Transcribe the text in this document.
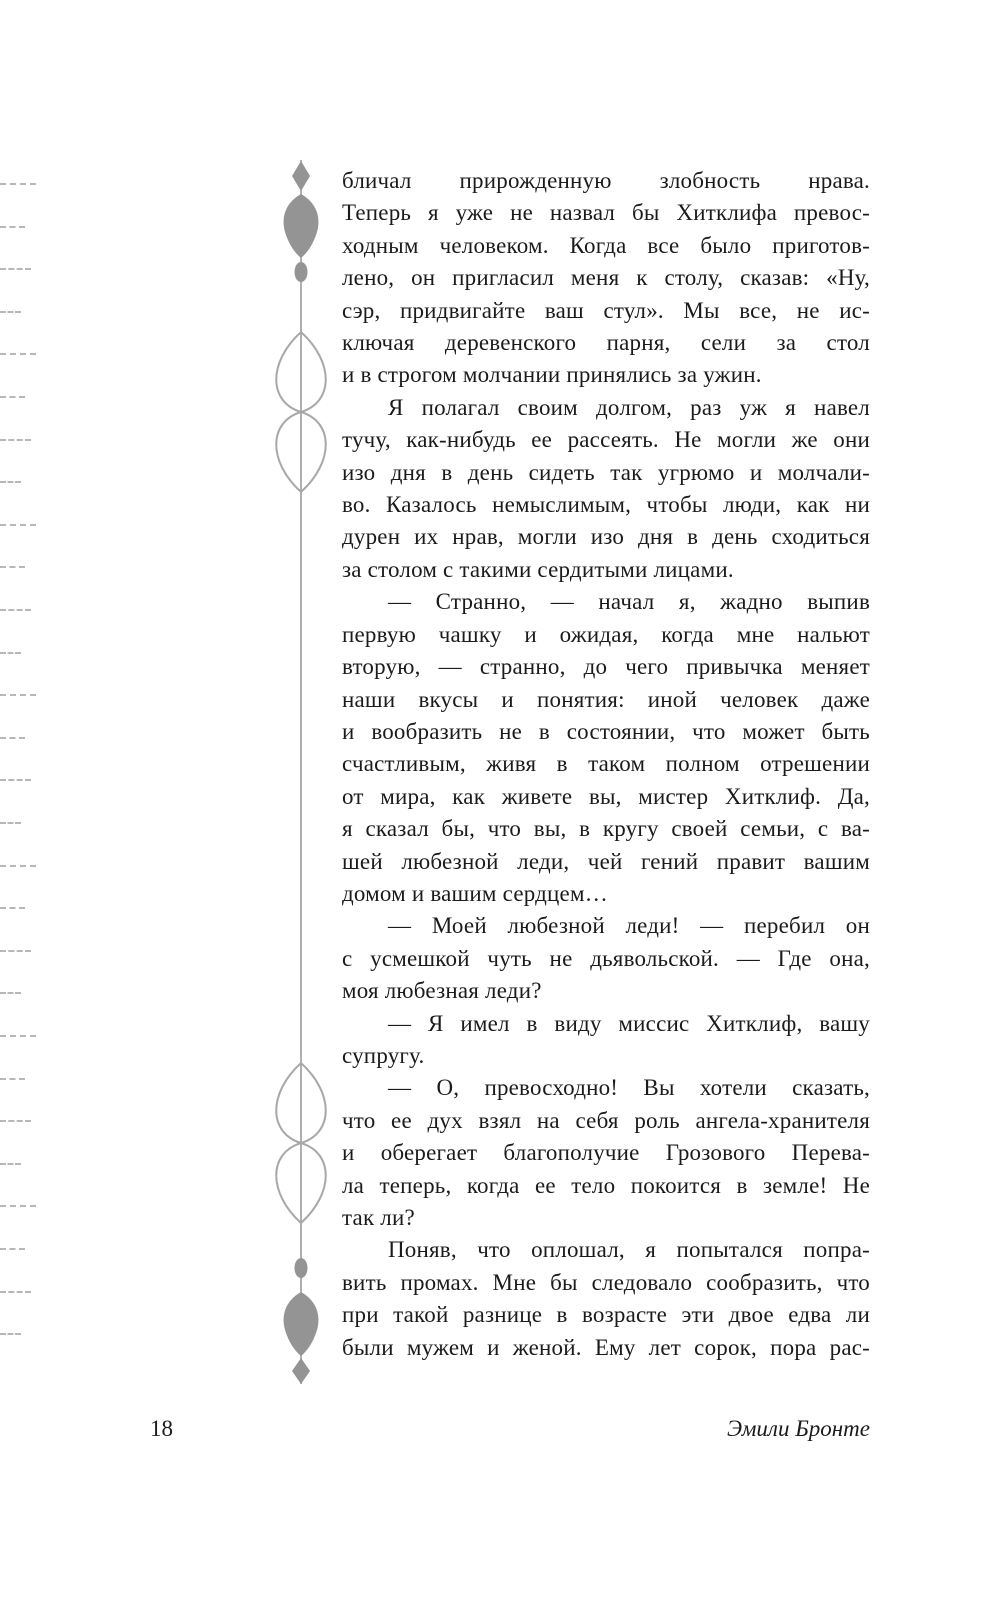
бличал прирожденную злобность нрава.
Теперь я уже не назвал бы Хитклифа превос-
ходным человеком. Когда все было приготов-
лено, он пригласил меня к столу, сказав: «Ну,
сэр, придвигайте ваш стул». Мы все, не ис-
ключая деревенского парня, сели за стол
и в строгом молчании принялись за ужин.
Я полагал своим долгом, раз уж я навел
тучу, как-нибудь ее рассеять. Не могли же они
изо дня в день сидеть так угрюмо и молчали-
во. Казалось немыслимым, чтобы люди, как ни
дурен их нрав, могли изо дня в день сходиться
за столом с такими сердитыми лицами.
— Странно, — начал я, жадно выпив
первую чашку и ожидая, когда мне нальют
вторую, — странно, до чего привычка меняет
наши вкусы и понятия: иной человек даже
и вообразить не в состоянии, что может быть
счастливым, живя в таком полном отрешении
от мира, как живете вы, мистер Хитклиф. Да,
я сказал бы, что вы, в кругу своей семьи, с ва-
шей любезной леди, чей гений правит вашим
домом и вашим сердцем…
— Моей любезной леди! — перебил он
с усмешкой чуть не дьявольской. — Где она,
моя любезная леди?
— Я имел в виду миссис Хитклиф, вашу
супругу.
— О, превосходно! Вы хотели сказать,
что ее дух взял на себя роль ангела-хранителя
и оберегает благополучие Грозового Перева-
ла теперь, когда ее тело покоится в земле! Не
так ли?
Поняв, что оплошал, я попытался попра-
вить промах. Мне бы следовало сообразить, что
при такой разнице в возрасте эти двое едва ли
были мужем и женой. Ему лет сорок, пора рас-
18	Эмили Бронте
